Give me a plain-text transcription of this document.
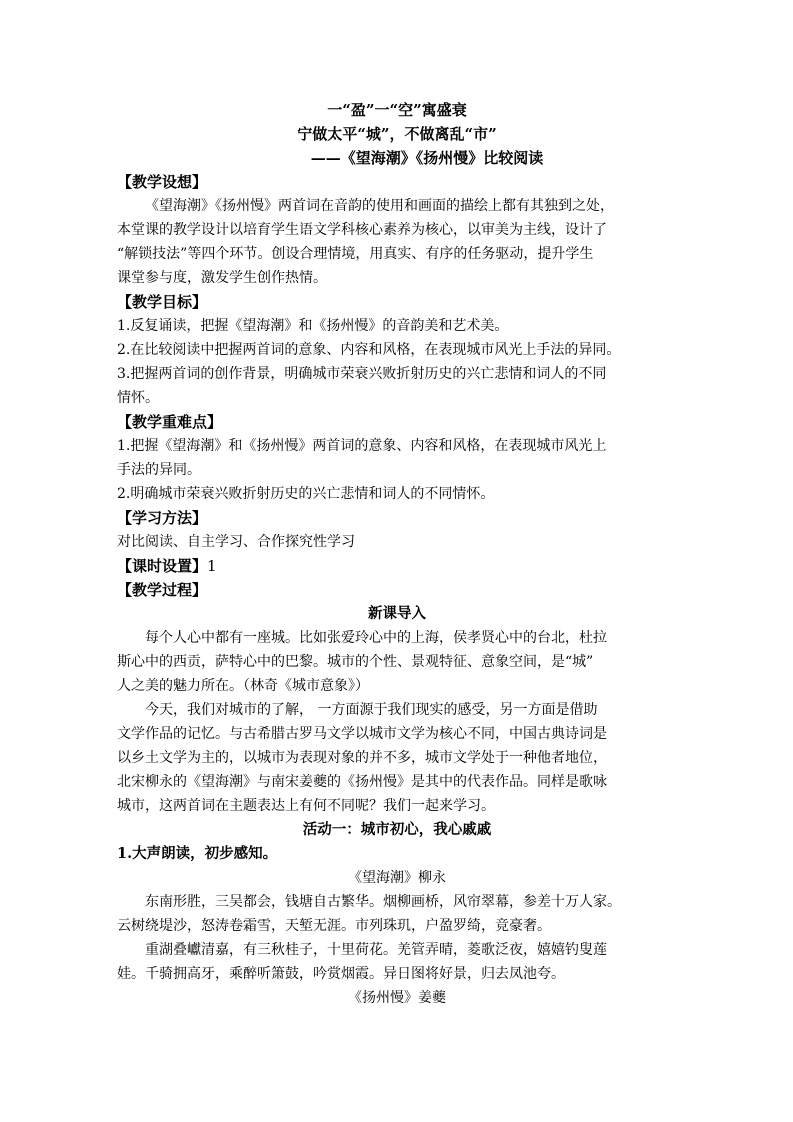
一“盈”一“空”寓盛衰
宁做太平“城”，不做离乱“市”
——《望海潮》《扬州慢》比较阅读
【教学设想】
《望海潮》《扬州慢》两首词在音韵的使用和画面的描绘上都有其独到之处，
本堂课的教学设计以培育学生语文学科核心素养为核心，以审美为主线，设计了
“解锁技法”等四个环节。创设合理情境，用真实、有序的任务驱动，提升学生
课堂参与度，激发学生创作热情。
【教学目标】
1.反复诵读，把握《望海潮》和《扬州慢》的音韵美和艺术美。
2.在比较阅读中把握两首词的意象、内容和风格，在表现城市风光上手法的异同。
3.把握两首词的创作背景，明确城市荣衰兴败折射历史的兴亡悲情和词人的不同
情怀。
【教学重难点】
1.把握《望海潮》和《扬州慢》两首词的意象、内容和风格，在表现城市风光上
手法的异同。
2.明确城市荣衰兴败折射历史的兴亡悲情和词人的不同情怀。
【学习方法】
对比阅读、自主学习、合作探究性学习
【课时设置】1
【教学过程】
新课导入
每个人心中都有一座城。比如张爱玲心中的上海，侯孝贤心中的台北，杜拉
斯心中的西贡，萨特心中的巴黎。城市的个性、景观特征、意象空间，是“城”
人之美的魅力所在。（林奇《城市意象》）
今天，我们对城市的了解， 一方面源于我们现实的感受，另一方面是借助
文学作品的记忆。与古希腊古罗马文学以城市文学为核心不同，中国古典诗词是
以乡土文学为主的，以城市为表现对象的并不多，城市文学处于一种他者地位，
北宋柳永的《望海潮》与南宋姜夔的《扬州慢》是其中的代表作品。同样是歌咏
城市，这两首词在主题表达上有何不同呢？我们一起来学习。
活动一：城市初心，我心戚戚
1.大声朗读，初步感知。
《望海潮》柳永
东南形胜，三吴都会，钱塘自古繁华。烟柳画桥，风帘翠幕，参差十万人家。
云树绕堤沙，怒涛卷霜雪，天堑无涯。市列珠玑，户盈罗绮，竞豪奢。
重湖叠巘清嘉，有三秋桂子，十里荷花。羌管弄晴，菱歌泛夜，嬉嬉钓叟莲
娃。千骑拥高牙，乘醉听箫鼓，吟赏烟霞。异日图将好景，归去凤池夸。
《扬州慢》姜夔
